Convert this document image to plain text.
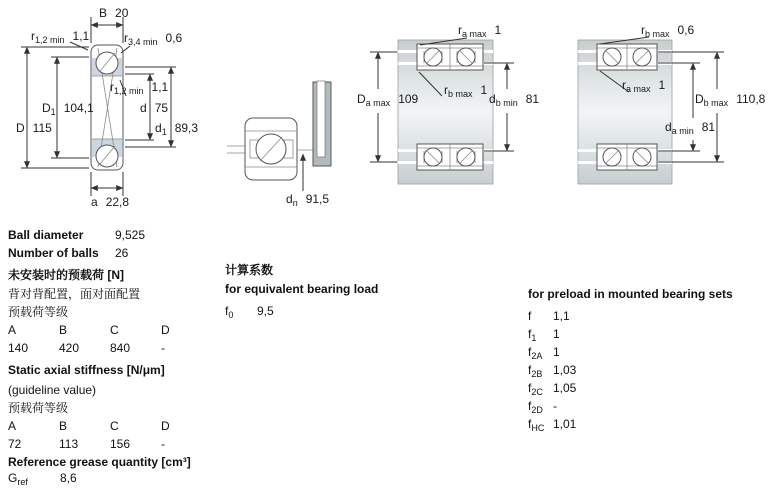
B 20
$r_{1,2 min}$ 1,1	$r_{3,4 min}$ 0,6
$D_1$ 104,1
D 115
$r_{1,2 min}$ 1,1
d 75
$d_1$ 89,3
a 22,8	$d_n$ 91,5
$r_{a max}$ 1
$D_{a max}$ 109
$r_{b max}$ 1
$d_{b min}$ 81
$r_{b max}$ 0,6
$r_{a max}$ 1
$D_{b max}$ 110,8
$d_{a min}$ 81
Ball diameter	9,525
Number of balls	26
未安装时的预载荷 [N]
背对背配置，面对面配置
预载荷等级
A	B	C	D
140	420	840	-
Static axial stiffness [N/μm]
(guideline value)
预载荷等级
A	B	C	D
72	113	156	-
Reference grease quantity [cm³]
$G_{ref}$	8,6
计算系数
for equivalent bearing load
$f_0$	9,5
for preload in mounted bearing sets
f	1,1
$f_1$	1
$f_{2A}$ 1
$f_{2B}$ 1,03
$f_{2C}$ 1,05
$f_{2D}$ -
$f_{HC}$ 1,01
